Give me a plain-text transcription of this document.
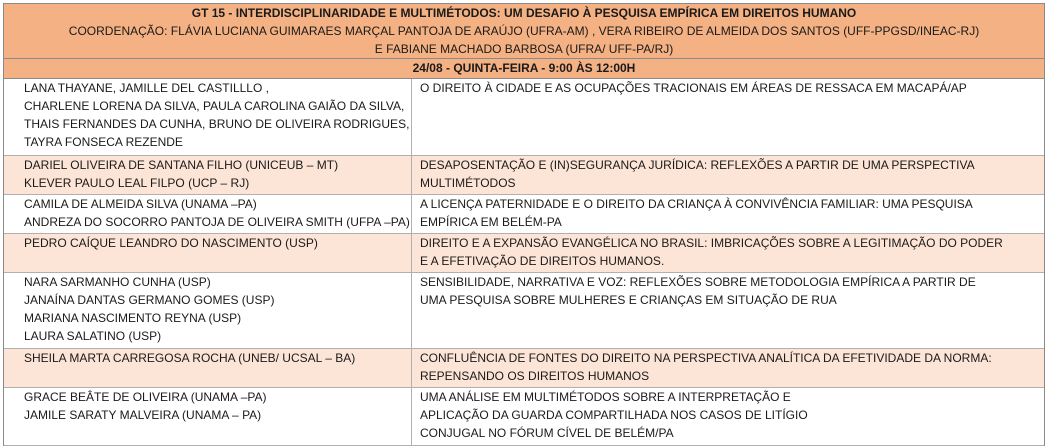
GT 15 - INTERDISCIPLINARIDADE E MULTIMÉTODOS: UM DESAFIO À PESQUISA EMPÍRICA EM DIREITOS HUMANO
COORDENAÇÃO: FLÁVIA LUCIANA GUIMARAES MARÇAL PANTOJA DE ARAÚJO (UFRA-AM) , VERA RIBEIRO DE ALMEIDA DOS SANTOS (UFF-PPGSD/INEAC-RJ)
E FABIANE MACHADO BARBOSA (UFRA/ UFF-PA/RJ)
24/08 - QUINTA-FEIRA - 9:00 ÀS 12:00H
LANA THAYANE, JAMILLE DEL CASTILLLO ,
CHARLENE LORENA DA SILVA, PAULA CAROLINA GAIÃO DA SILVA,
THAIS FERNANDES DA CUNHA, BRUNO DE OLIVEIRA RODRIGUES,
TAYRA FONSECA REZENDE
O DIREITO À CIDADE E AS OCUPAÇÕES TRACIONAIS EM ÁREAS DE RESSACA EM MACAPÁ/AP
DARIEL OLIVEIRA DE SANTANA FILHO (UNICEUB – MT)
KLEVER PAULO LEAL FILPO (UCP – RJ)
DESAPOSENTAÇÃO E (IN)SEGURANÇA JURÍDICA: REFLEXÕES A PARTIR DE UMA PERSPECTIVA
MULTIMÉTODOS
CAMILA DE ALMEIDA SILVA (UNAMA –PA)
ANDREZA DO SOCORRO PANTOJA DE OLIVEIRA SMITH (UFPA –PA)
A LICENÇA PATERNIDADE E O DIREITO DA CRIANÇA À CONVIVÊNCIA FAMILIAR: UMA PESQUISA
EMPÍRICA EM BELÉM-PA
PEDRO CAÍQUE LEANDRO DO NASCIMENTO (USP)	DIREITO E A EXPANSÃO EVANGÉLICA NO BRASIL: IMBRICAÇÕES SOBRE A LEGITIMAÇÃO DO PODER
E A EFETIVAÇÃO DE DIREITOS HUMANOS.
NARA SARMANHO CUNHA (USP)
JANAÍNA DANTAS GERMANO GOMES (USP)
MARIANA NASCIMENTO REYNA (USP)
LAURA SALATINO (USP)
SENSIBILIDADE, NARRATIVA E VOZ: REFLEXÕES SOBRE METODOLOGIA EMPÍRICA A PARTIR DE
UMA PESQUISA SOBRE MULHERES E CRIANÇAS EM SITUAÇÃO DE RUA
SHEILA MARTA CARREGOSA ROCHA (UNEB/ UCSAL – BA)	CONFLUÊNCIA DE FONTES DO DIREITO NA PERSPECTIVA ANALÍTICA DA EFETIVIDADE DA NORMA:
REPENSANDO OS DIREITOS HUMANOS
GRACE BEÂTE DE OLIVEIRA (UNAMA –PA)
JAMILE SARATY MALVEIRA (UNAMA – PA)
UMA ANÁLISE EM MULTIMÉTODOS SOBRE A INTERPRETAÇÃO E
APLICAÇÃO DA GUARDA COMPARTILHADA NOS CASOS DE LITÍGIO
CONJUGAL NO FÓRUM CÍVEL DE BELÉM/PA
